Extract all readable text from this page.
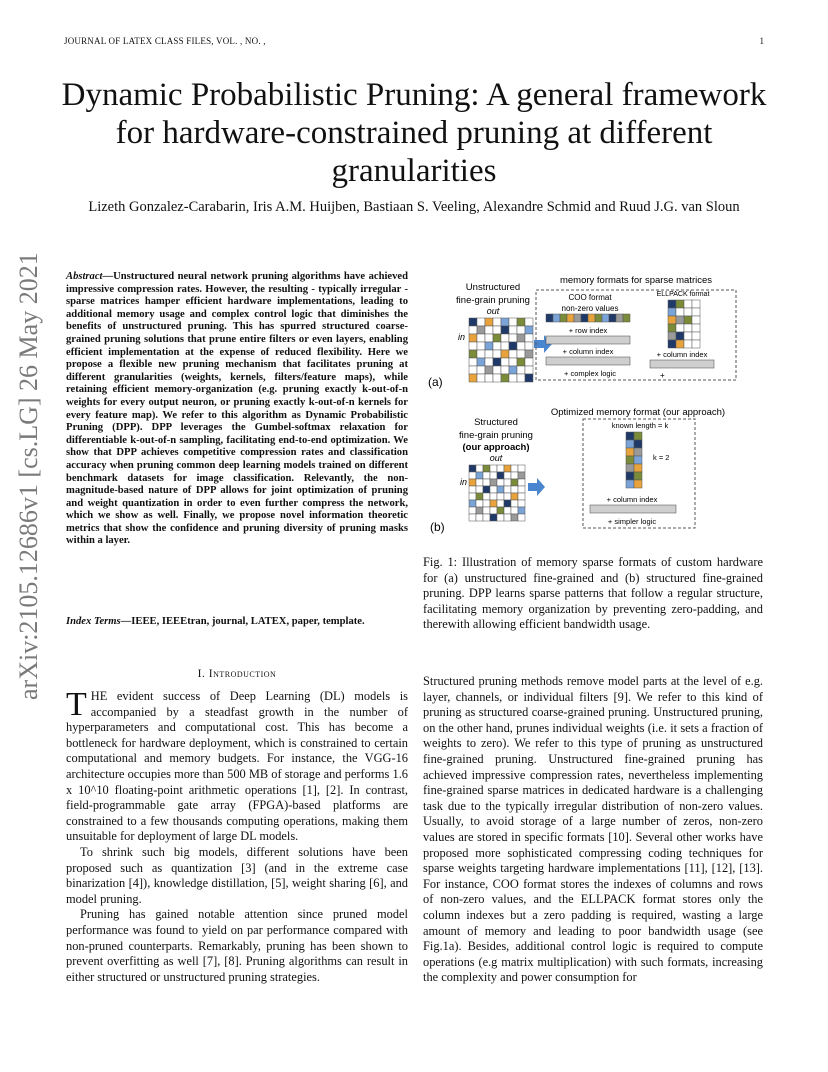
JOURNAL OF LATEX CLASS FILES, VOL. , NO. ,	1
Dynamic Probabilistic Pruning: A general framework for hardware-constrained pruning at different granularities
Lizeth Gonzalez-Carabarin, Iris A.M. Huijben, Bastiaan S. Veeling, Alexandre Schmid and Ruud J.G. van Sloun
arXiv:2105.12686v1 [cs.LG] 26 May 2021 Abstract—Unstructured neural network pruning algorithms have achieved impressive compression rates. However, the resulting - typically irregular - sparse matrices hamper efficient hardware implementations, leading to additional memory usage and complex control logic that diminishes the benefits of unstructured pruning. This has spurred structured coarse-grained pruning solutions that prune entire filters or even layers, enabling efficient implementation at the expense of reduced flexibility. Here we propose a flexible new pruning mechanism that facilitates pruning at different granularities (weights, kernels, filters/feature maps), while retaining efficient memory-organization (e.g. pruning exactly k-out-of-n weights for every output neuron, or pruning exactly k-out-of-n kernels for every feature map). We refer to this algorithm as Dynamic Probabilistic Pruning (DPP). DPP leverages the Gumbel-softmax relaxation for differentiable k-out-of-n sampling, facilitating end-to-end optimization. We show that DPP achieves competitive compression rates and classification accuracy when pruning common deep learning models trained on different benchmark datasets for image classification. Relevantly, the non-magnitude-based nature of DPP allows for joint optimization of pruning and weight quantization in order to even further compress the network, which we show as well. Finally, we propose novel information theoretic metrics that show the confidence and pruning diversity of pruning masks within a layer.
Index Terms—IEEE, IEEEtran, journal, LATEX, paper, template.
I. Introduction

THE evident success of Deep Learning (DL) models is accompanied by a steadfast growth in the number of hyperparameters and computational cost. This has become a bottleneck for hardware deployment, which is constrained to certain computational and memory budgets. For instance, the VGG-16 architecture occupies more than 500 MB of storage and performs 1.6 x 10^10 floating-point arithmetic operations [1], [2]. In contrast, field-programmable gate array (FPGA)-based platforms are constrained to a few thousands computing operations, making them unsuitable for deployment of large DL models.

To shrink such big models, different solutions have been proposed such as quantization [3] (and in the extreme case binarization [4]), knowledge distillation, [5], weight sharing [6], and model pruning.

Pruning has gained notable attention since pruned model performance was found to yield on par performance compared with non-pruned counterparts. Remarkably, pruning has been shown to prevent overfitting as well [7], [8]. Pruning algorithms can result in either structured or unstructured pruning strategies.

(a)
Unstructured
fine-grain pruning
out
in
memory formats for sparse matrices
COO format
non-zero values
+ row index
+ column index
+ complex logic
ELLPACK format
+ column index
+
(b)
Structured
fine-grain pruning
(our approach)
out
in
Optimized memory format (our approach)
known length = k
k = 2
+ column index
+ simpler logic
Fig. 1: Illustration of memory sparse formats of custom hardware for (a) unstructured fine-grained and (b) structured fine-grained pruning. DPP learns sparse patterns that follow a regular structure, facilitating memory organization by preventing zero-padding, and therewith allowing efficient bandwidth usage.

Structured pruning methods remove model parts at the level of e.g. layer, channels, or individual filters [9]. We refer to this kind of pruning as structured coarse-grained pruning. Unstructured pruning, on the other hand, prunes individual weights (i.e. it sets a fraction of weights to zero). We refer to this type of pruning as unstructured fine-grained pruning. Unstructured fine-grained pruning has achieved impressive compression rates, nevertheless implementing fine-grained sparse matrices in dedicated hardware is a challenging task due to the typically irregular distribution of non-zero values. Usually, to avoid storage of a large number of zeros, non-zero values are stored in specific formats [10]. Several other works have proposed more sophisticated compressing coding techniques for sparse weights targeting hardware implementations [11], [12], [13]. For instance, COO format stores the indexes of columns and rows of non-zero values, and the ELLPACK format stores only the column indexes but a zero padding is required, wasting a large amount of memory and leading to poor bandwidth usage (see Fig.1a). Besides, additional control logic is required to compute operations (e.g matrix multiplication) with such formats, increasing the complexity and power consumption for
